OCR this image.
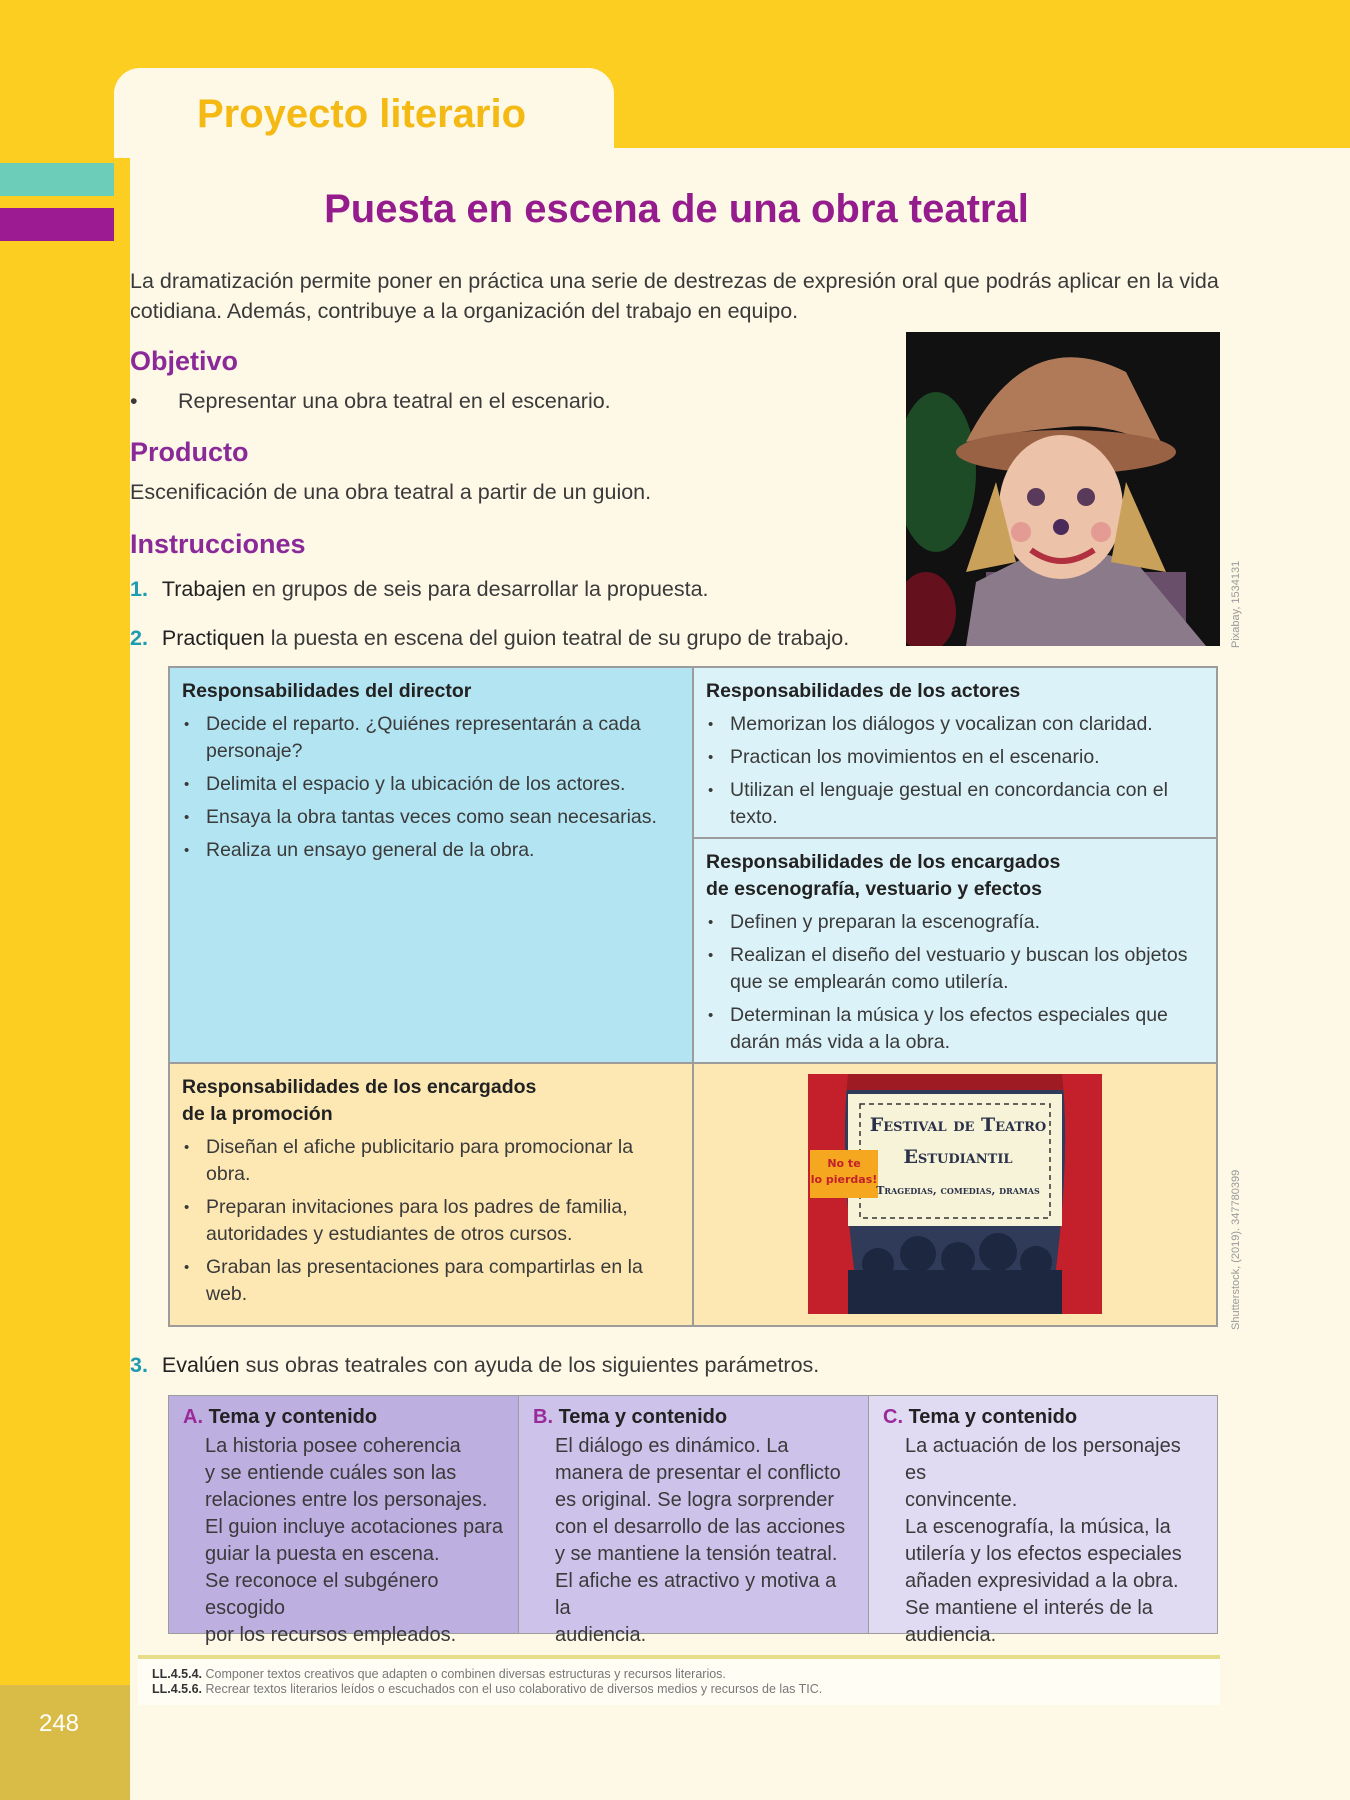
248
Proyecto literario
Puesta en escena de una obra teatral
La dramatización permite poner en práctica una serie de destrezas de expresión oral que podrás aplicar en la vida cotidiana. Además, contribuye a la organización del trabajo en equipo.
Objetivo
• Representar una obra teatral en el escenario.
Producto
Escenificación de una obra teatral a partir de un guion.
Instrucciones
1. Trabajen en grupos de seis para desarrollar la propuesta.
2. Practiquen la puesta en escena del guion teatral de su grupo de trabajo.	Pixabay, 1534131
Responsabilidades del director
• Decide el reparto. ¿Quiénes representarán a cada personaje?
• Delimita el espacio y la ubicación de los actores.
• Ensaya la obra tantas veces como sean necesarias.
• Realiza un ensayo general de la obra.
Responsabilidades de los actores
• Memorizan los diálogos y vocalizan con claridad.
• Practican los movimientos en el escenario.
• Utilizan el lenguaje gestual en concordancia con el texto.
Responsabilidades de los encargados
de escenografía, vestuario y efectos
• Definen y preparan la escenografía.
• Realizan el diseño del vestuario y buscan los objetos que se emplearán como utilería.
• Determinan la música y los efectos especiales que darán más vida a la obra.
Responsabilidades de los encargados
de la promoción
• Diseñan el afiche publicitario para promocionar la obra.
• Preparan invitaciones para los padres de familia, autoridades y estudiantes de otros cursos.
• Graban las presentaciones para compartirlas en la web.
Festival de Teatro
Estudiantil
Tragedias, comedias, dramas
No te
lo pierdas!	Shutterstock, (2019). 347780399
3. Evalúen sus obras teatrales con ayuda de los siguientes parámetros.
A. Tema y contenido

La historia posee coherencia

y se entiende cuáles son las

relaciones entre los personajes.

El guion incluye acotaciones para

guiar la puesta en escena.

Se reconoce el subgénero escogido

por los recursos empleados.

B. Tema y contenido

El diálogo es dinámico. La

manera de presentar el conflicto

es original. Se logra sorprender

con el desarrollo de las acciones

y se mantiene la tensión teatral.

El afiche es atractivo y motiva a la

audiencia.

C. Tema y contenido

La actuación de los personajes es

convincente.

La escenografía, la música, la

utilería y los efectos especiales

añaden expresividad a la obra.

Se mantiene el interés de la

audiencia.

LL.4.5.4. Componer textos creativos que adapten o combinen diversas estructuras y recursos literarios.
LL.4.5.6. Recrear textos literarios leídos o escuchados con el uso colaborativo de diversos medios y recursos de las TIC.
